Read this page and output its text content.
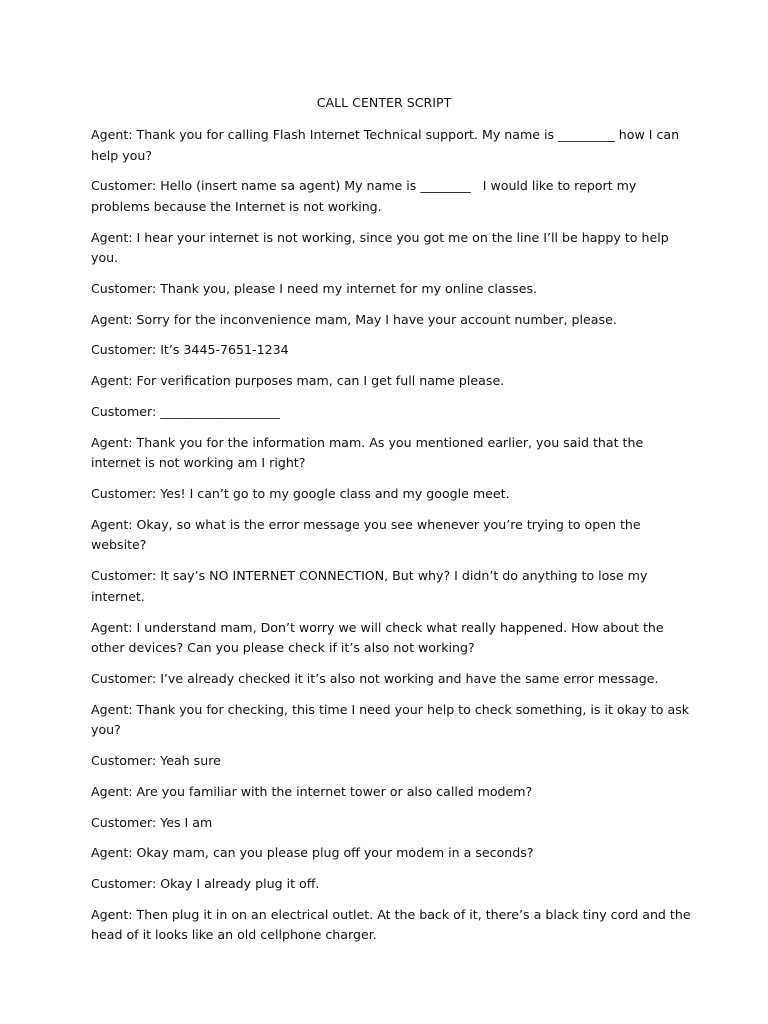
CALL CENTER SCRIPT

Agent: Thank you for calling Flash Internet Technical support. My name is _________ how I can help you?

Customer: Hello (insert name sa agent) My name is ________   I would like to report my problems because the Internet is not working.

Agent: I hear your internet is not working, since you got me on the line I’ll be happy to help you.

Customer: Thank you, please I need my internet for my online classes.

Agent: Sorry for the inconvenience mam, May I have your account number, please.

Customer: It’s 3445-7651-1234

Agent: For verification purposes mam, can I get full name please.

Customer: ___________________

Agent: Thank you for the information mam. As you mentioned earlier, you said that the internet is not working am I right?

Customer: Yes! I can’t go to my google class and my google meet.

Agent: Okay, so what is the error message you see whenever you’re trying to open the website?

Customer: It say’s NO INTERNET CONNECTION, But why? I didn’t do anything to lose my internet.

Agent: I understand mam, Don’t worry we will check what really happened. How about the other devices? Can you please check if it’s also not working?

Customer: I’ve already checked it it’s also not working and have the same error message.

Agent: Thank you for checking, this time I need your help to check something, is it okay to ask you?

Customer: Yeah sure

Agent: Are you familiar with the internet tower or also called modem?

Customer: Yes I am

Agent: Okay mam, can you please plug off your modem in a seconds?

Customer: Okay I already plug it off.

Agent: Then plug it in on an electrical outlet. At the back of it, there’s a black tiny cord and the head of it looks like an old cellphone charger.
